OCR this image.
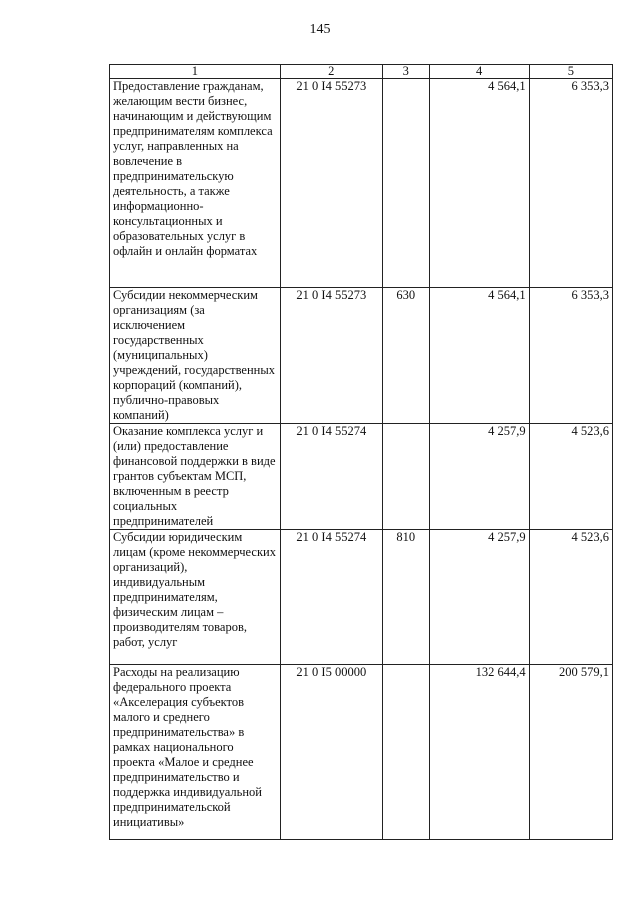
145
1	2	3	4	5
Предоставление гражданам, желающим вести бизнес, начинающим и действующим предпринимателям комплекса услуг, направленных на вовлечение в предпринимательскую деятельность, а также информационно-консультационных и образовательных услуг в офлайн и онлайн форматах	21 0 I4 55273		4 564,1	6 353,3
Субсидии некоммерческим организациям (за исключением государственных (муниципальных) учреждений, государственных корпораций (компаний), публично-правовых компаний)	21 0 I4 55273	630	4 564,1	6 353,3
Оказание комплекса услуг и (или) предоставление финансовой поддержки в виде грантов субъектам МСП, включенным в реестр социальных предпринимателей	21 0 I4 55274		4 257,9	4 523,6
Субсидии юридическим лицам (кроме некоммерческих организаций), индивидуальным предпринимателям, физическим лицам – производителям товаров, работ, услуг	21 0 I4 55274	810	4 257,9	4 523,6
Расходы на реализацию федерального проекта «Акселерация субъектов малого и среднего предпринимательства» в рамках национального проекта «Малое и среднее предпринимательство и поддержка индивидуальной предпринимательской инициативы»	21 0 I5 00000		132 644,4	200 579,1
